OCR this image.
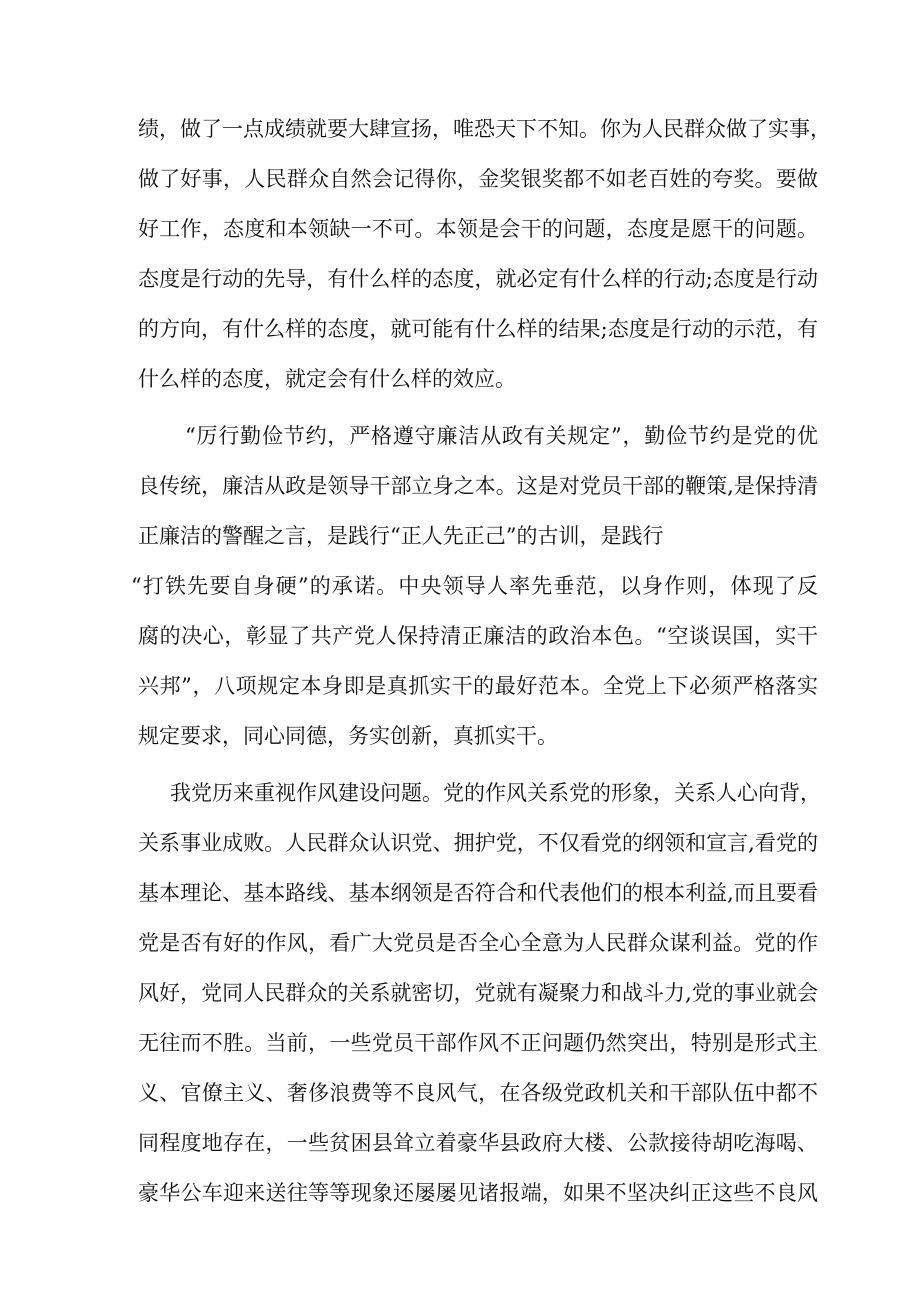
绩，做了一点成绩就要大肆宣扬，唯恐天下不知。你为人民群众做了实事，
做了好事，人民群众自然会记得你，金奖银奖都不如老百姓的夸奖。要做
好工作，态度和本领缺一不可。本领是会干的问题，态度是愿干的问题。
态度是行动的先导，有什么样的态度，就必定有什么样的行动;态度是行动
的方向，有什么样的态度，就可能有什么样的结果;态度是行动的示范，有
什么样的态度，就定会有什么样的效应。
“厉行勤俭节约，严格遵守廉洁从政有关规定”，勤俭节约是党的优
良传统，廉洁从政是领导干部立身之本。这是对党员干部的鞭策,是保持清
正廉洁的警醒之言，是践行“正人先正己”的古训，是践行
“打铁先要自身硬”的承诺。中央领导人率先垂范，以身作则，体现了反
腐的决心，彰显了共产党人保持清正廉洁的政治本色。“空谈误国，实干
兴邦”，八项规定本身即是真抓实干的最好范本。全党上下必须严格落实
规定要求，同心同德，务实创新，真抓实干。
我党历来重视作风建设问题。党的作风关系党的形象，关系人心向背，
关系事业成败。人民群众认识党、拥护党，不仅看党的纲领和宣言,看党的
基本理论、基本路线、基本纲领是否符合和代表他们的根本利益,而且要看
党是否有好的作风，看广大党员是否全心全意为人民群众谋利益。党的作
风好，党同人民群众的关系就密切，党就有凝聚力和战斗力,党的事业就会
无往而不胜。当前，一些党员干部作风不正问题仍然突出，特别是形式主
义、官僚主义、奢侈浪费等不良风气，在各级党政机关和干部队伍中都不
同程度地存在，一些贫困县耸立着豪华县政府大楼、公款接待胡吃海喝、
豪华公车迎来送往等等现象还屡屡见诸报端，如果不坚决纠正这些不良风
